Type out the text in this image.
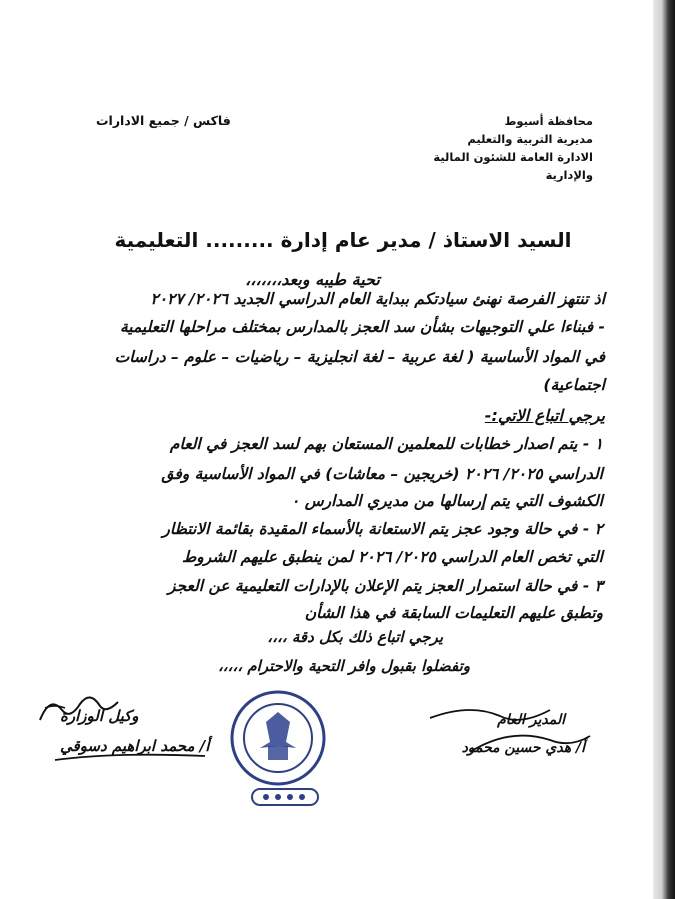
محافظة أسيوط
مديرية التربية والتعليم
الادارة العامة للشئون المالية
والإدارية
فاكس / جميع الادارات
السيد الاستاذ / مدير عام إدارة ......... التعليمية
تحية طيبه وبعد،،،،،،،
اذ تنتهز الفرصة نهنئ سيادتكم ببداية العام الدراسي الجديد ٢٠٢٦/ ٢٠٢٧
- فبناءا علي التوجيهات بشأن سد العجز بالمدارس بمختلف مراحلها التعليمية
في المواد الأساسية ( لغة عربية – لغة انجليزية – رياضيات – علوم – دراسات
اجتماعية)
يرجي اتباع الاتي:-
١ - يتم اصدار خطابات للمعلمين المستعان بهم لسد العجز في العام
الدراسي ٢٠٢٥/ ٢٠٢٦ (خريجين – معاشات) في المواد الأساسية وفق
الكشوف التي يتم إرسالها من مديري المدارس ٠
٢ - في حالة وجود عجز يتم الاستعانة بالأسماء المقيدة بقائمة الانتظار
التي تخص العام الدراسي ٢٠٢٥/ ٢٠٢٦ لمن ينطبق عليهم الشروط
٣ - في حالة استمرار العجز يتم الإعلان بالإدارات التعليمية عن العجز
وتطبق عليهم التعليمات السابقة في هذا الشأن
يرجي اتباع ذلك بكل دقة ،،،،
وتفضلوا بقبول وافر التحية والاحترام ،،،،،
وكيل الوزارة
أ/ محمد ابراهيم دسوقي
المدير العام
أ/ هدي حسين محمود
